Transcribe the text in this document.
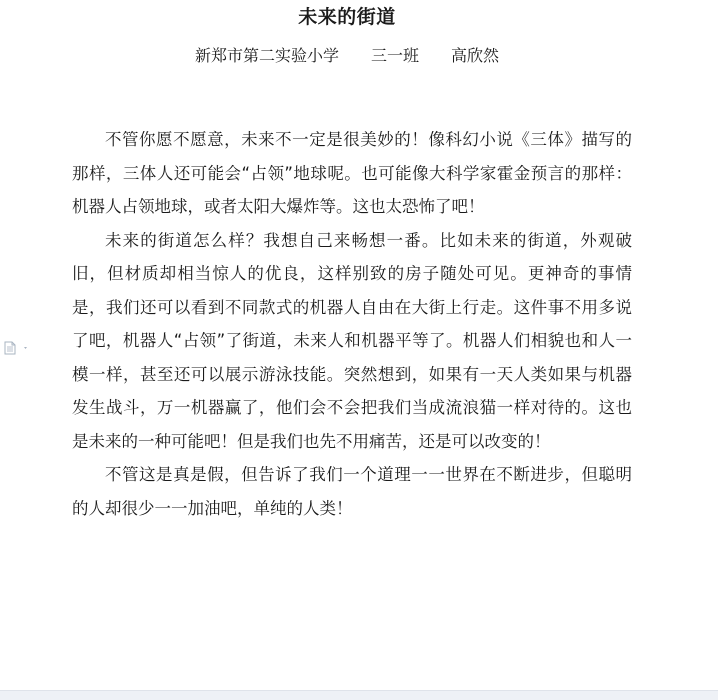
未来的街道
新郑市第二实验小学　　三一班　　高欣然

不管你愿不愿意，未来不一定是很美妙的！像科幻小说《三体》描写的那样，三体人还可能会“占领”地球呢。也可能像大科学家霍金预言的那样：机器人占领地球，或者太阳大爆炸等。这也太恐怖了吧！

未来的街道怎么样？我想自己来畅想一番。比如未来的街道，外观破旧，但材质却相当惊人的优良，这样别致的房子随处可见。更神奇的事情是，我们还可以看到不同款式的机器人自由在大街上行走。这件事不用多说了吧，机器人“占领”了街道，未来人和机器平等了。机器人们相貌也和人一模一样，甚至还可以展示游泳技能。突然想到，如果有一天人类如果与机器发生战斗，万一机器赢了，他们会不会把我们当成流浪猫一样对待的。这也是未来的一种可能吧！但是我们也先不用痛苦，还是可以改变的！

不管这是真是假，但告诉了我们一个道理一一世界在不断进步，但聪明的人却很少一一加油吧，单纯的人类！
